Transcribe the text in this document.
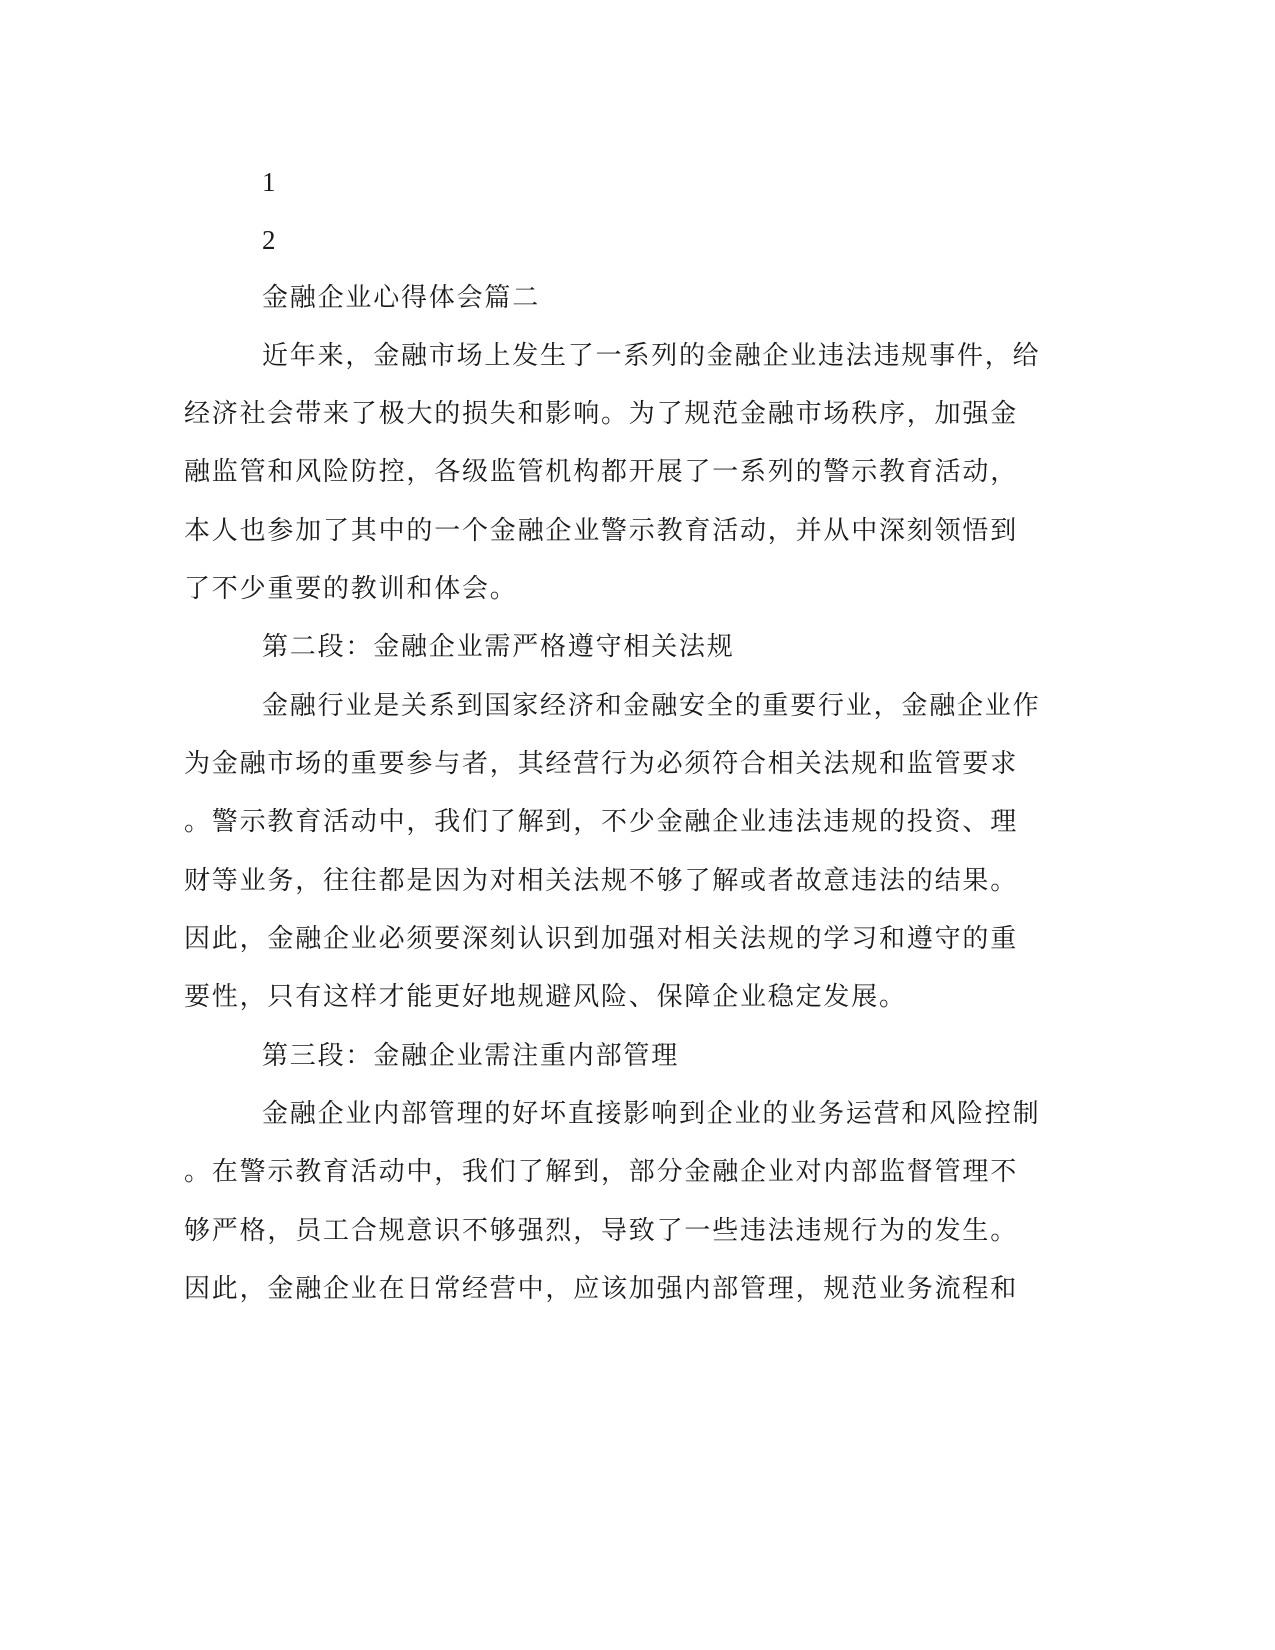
1
2
金融企业心得体会篇二
近年来，金融市场上发生了一系列的金融企业违法违规事件，给
经济社会带来了极大的损失和影响。为了规范金融市场秩序，加强金
融监管和风险防控，各级监管机构都开展了一系列的警示教育活动，
本人也参加了其中的一个金融企业警示教育活动，并从中深刻领悟到
了不少重要的教训和体会。
第二段：金融企业需严格遵守相关法规
金融行业是关系到国家经济和金融安全的重要行业，金融企业作
为金融市场的重要参与者，其经营行为必须符合相关法规和监管要求
。警示教育活动中，我们了解到，不少金融企业违法违规的投资、理
财等业务，往往都是因为对相关法规不够了解或者故意违法的结果。
因此，金融企业必须要深刻认识到加强对相关法规的学习和遵守的重
要性，只有这样才能更好地规避风险、保障企业稳定发展。
第三段：金融企业需注重内部管理
金融企业内部管理的好坏直接影响到企业的业务运营和风险控制
。在警示教育活动中，我们了解到，部分金融企业对内部监督管理不
够严格，员工合规意识不够强烈，导致了一些违法违规行为的发生。
因此，金融企业在日常经营中，应该加强内部管理，规范业务流程和
